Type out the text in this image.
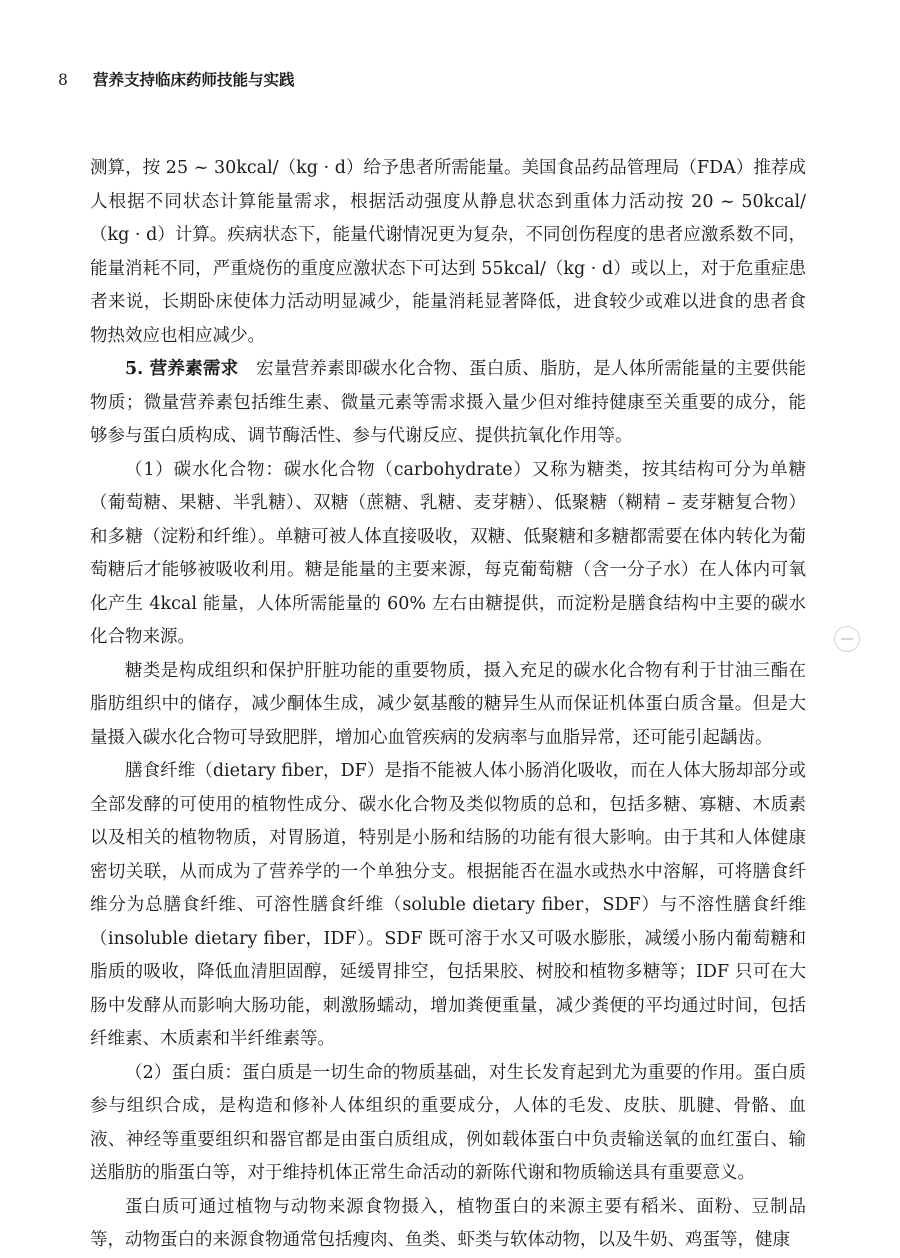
8 营养支持临床药师技能与实践

测算，按 25 ~ 30kcal/（kg · d）给予患者所需能量。美国食品药品管理局（FDA）推荐成人根据不同状态计算能量需求，根据活动强度从静息状态到重体力活动按 20 ~ 50kcal/（kg · d）计算。疾病状态下，能量代谢情况更为复杂，不同创伤程度的患者应激系数不同，能量消耗不同，严重烧伤的重度应激状态下可达到 55kcal/（kg · d）或以上，对于危重症患者来说，长期卧床使体力活动明显减少，能量消耗显著降低，进食较少或难以进食的患者食物热效应也相应减少。

5. 营养素需求　 宏量营养素即碳水化合物、蛋白质、脂肪，是人体所需能量的主要供能物质；微量营养素包括维生素、微量元素等需求摄入量少但对维持健康至关重要的成分，能够参与蛋白质构成、调节酶活性、参与代谢反应、提供抗氧化作用等。

（1）碳水化合物：碳水化合物（carbohydrate）又称为糖类，按其结构可分为单糖（葡萄糖、果糖、半乳糖）、双糖（蔗糖、乳糖、麦芽糖）、低聚糖（糊精 – 麦芽糖复合物）和多糖（淀粉和纤维）。单糖可被人体直接吸收，双糖、低聚糖和多糖都需要在体内转化为葡萄糖后才能够被吸收利用。糖是能量的主要来源，每克葡萄糖（含一分子水）在人体内可氧化产生 4kcal 能量，人体所需能量的 60% 左右由糖提供，而淀粉是膳食结构中主要的碳水化合物来源。

糖类是构成组织和保护肝脏功能的重要物质，摄入充足的碳水化合物有利于甘油三酯在脂肪组织中的储存，减少酮体生成，减少氨基酸的糖异生从而保证机体蛋白质含量。但是大量摄入碳水化合物可导致肥胖，增加心血管疾病的发病率与血脂异常，还可能引起龋齿。

膳食纤维（dietary fiber，DF）是指不能被人体小肠消化吸收，而在人体大肠却部分或全部发酵的可使用的植物性成分、碳水化合物及类似物质的总和，包括多糖、寡糖、木质素以及相关的植物物质，对胃肠道，特别是小肠和结肠的功能有很大影响。由于其和人体健康密切关联，从而成为了营养学的一个单独分支。根据能否在温水或热水中溶解，可将膳食纤维分为总膳食纤维、可溶性膳食纤维（soluble dietary fiber，SDF）与不溶性膳食纤维（insoluble dietary fiber，IDF）。SDF 既可溶于水又可吸水膨胀，减缓小肠内葡萄糖和脂质的吸收，降低血清胆固醇，延缓胃排空，包括果胶、树胶和植物多糖等；IDF 只可在大肠中发酵从而影响大肠功能，刺激肠蠕动，增加粪便重量，减少粪便的平均通过时间，包括纤维素、木质素和半纤维素等。

（2）蛋白质：蛋白质是一切生命的物质基础，对生长发育起到尤为重要的作用。蛋白质参与组织合成，是构造和修补人体组织的重要成分，人体的毛发、皮肤、肌腱、骨骼、血液、神经等重要组织和器官都是由蛋白质组成，例如载体蛋白中负责输送氧的血红蛋白、输送脂肪的脂蛋白等，对于维持机体正常生命活动的新陈代谢和物质输送具有重要意义。

蛋白质可通过植物与动物来源食物摄入，植物蛋白的来源主要有稻米、面粉、豆制品等，动物蛋白的来源食物通常包括瘦肉、鱼类、虾类与软体动物，以及牛奶、鸡蛋等，健康
